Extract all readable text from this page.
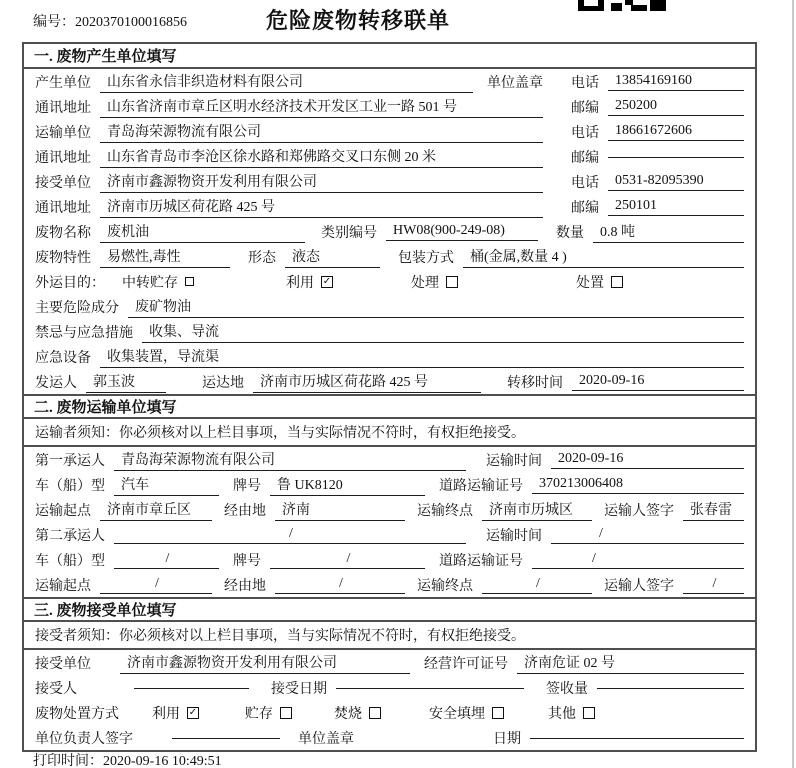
编号：2020370100016856	危险废物转移联单
一. 废物产生单位填写
产生单位	山东省永信非织造材料有限公司	单位盖章 电话	13854169160
通讯地址	山东省济南市章丘区明水经济技术开发区工业一路 501 号	邮编	250200
运输单位	青岛海荣源物流有限公司	电话	18661672606
通讯地址	山东省青岛市李沧区徐水路和郑佛路交叉口东侧 20 米	邮编
接受单位	济南市鑫源物资开发利用有限公司	电话	0531-82095390
通讯地址	济南市历城区荷花路 425 号	邮编	250101
废物名称	废机油	类别编号	HW08(900-249-08)	数量	0.8 吨
废物特性	易燃性,毒性	形态	液态	包装方式	桶(金属,数量 4 )
外运目的： 中转贮存	利用 ✓	处理	处置
主要危险成分	废矿物油
禁忌与应急措施	收集、导流
应急设备	收集装置，导流渠
发运人	郭玉波	运达地	济南市历城区荷花路 425 号	转移时间	2020-09-16
二. 废物运输单位填写
运输者须知：你必须核对以上栏目事项，当与实际情况不符时，有权拒绝接受。
第一承运人	青岛海荣源物流有限公司	运输时间	2020-09-16
车（船）型	汽车	牌号	鲁 UK8120	道路运输证号	370213006408
运输起点	济南市章丘区	经由地	济南	运输终点	济南市历城区	运输人签字	张春雷
第二承运人	/	运输时间	/
车（船）型	/	牌号	/	道路运输证号	/
运输起点	/	经由地	/	运输终点	/	运输人签字	/
三. 废物接受单位填写
接受者须知：你必须核对以上栏目事项，当与实际情况不符时，有权拒绝接受。
接受单位	济南市鑫源物资开发利用有限公司	经营许可证号	济南危证 02 号
接受人	接受日期	签收量
废物处置方式 利用 ✓	贮存	焚烧	安全填埋	其他
单位负责人签字	单位盖章	日期
打印时间：2020-09-16 10:49:51
